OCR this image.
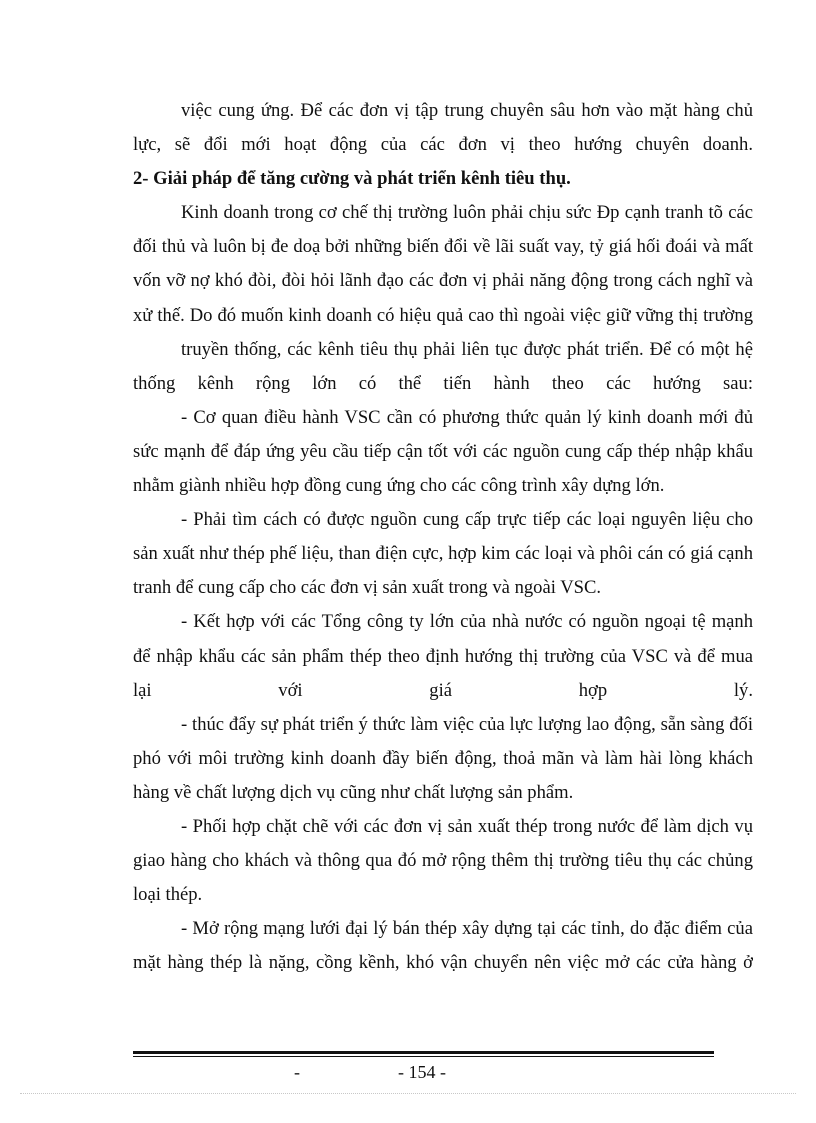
việc cung ứng. Để các đơn vị tập trung chuyên sâu hơn vào mặt hàng chủ
lực, sẽ đổi mới hoạt động của các đơn vị theo hướng chuyên doanh.
2- Giải pháp để tăng cường và phát triển kênh tiêu thụ.
Kinh doanh trong cơ chế thị trường luôn phải chịu sức Đp cạnh tranh tõ các
đối thủ và luôn bị đe doạ bởi những biến đổi về lãi suất vay, tỷ giá hối đoái và mất
vốn vỡ nợ khó đòi, đòi hỏi lãnh đạo các đơn vị phải năng động trong cách nghĩ và
xử thế. Do đó muốn kinh doanh có hiệu quả cao thì ngoài việc giữ vững thị trường
truyền thống, các kênh tiêu thụ phải liên tục được phát triển. Để có một hệ
thống kênh rộng lớn có thể tiến hành theo các hướng sau:
- Cơ quan điều hành VSC cần có phương thức quản lý kinh doanh mới đủ
sức mạnh để đáp ứng yêu cầu tiếp cận tốt với các nguồn cung cấp thép nhập khẩu
nhằm giành nhiều hợp đồng cung ứng cho các công trình xây dựng lớn.
- Phải tìm cách có được nguồn cung cấp trực tiếp các loại nguyên liệu cho
sản xuất như thép phế liệu, than điện cực, hợp kim các loại và phôi cán có giá cạnh
tranh để cung cấp cho các đơn vị sản xuất trong và ngoài VSC.
- Kết hợp với các Tổng công ty lớn của nhà nước có nguồn ngoại tệ mạnh
để nhập khẩu các sản phẩm thép theo định hướng thị trường của VSC và để mua
lại với giá hợp lý.
- thúc đẩy sự phát triển ý thức làm việc của lực lượng lao động, sẵn sàng đối
phó với môi trường kinh doanh đầy biến động, thoả mãn và làm hài lòng khách
hàng về chất lượng dịch vụ cũng như chất lượng sản phẩm.
- Phối hợp chặt chẽ với các đơn vị sản xuất thép trong nước để làm dịch vụ
giao hàng cho khách và thông qua đó mở rộng thêm thị trường tiêu thụ các chủng
loại thép.
- Mở rộng mạng lưới đại lý bán thép xây dựng tại các tỉnh, do đặc điểm của
mặt hàng thép là nặng, cồng kềnh, khó vận chuyển nên việc mở các cửa hàng ở
-	- 154 -
